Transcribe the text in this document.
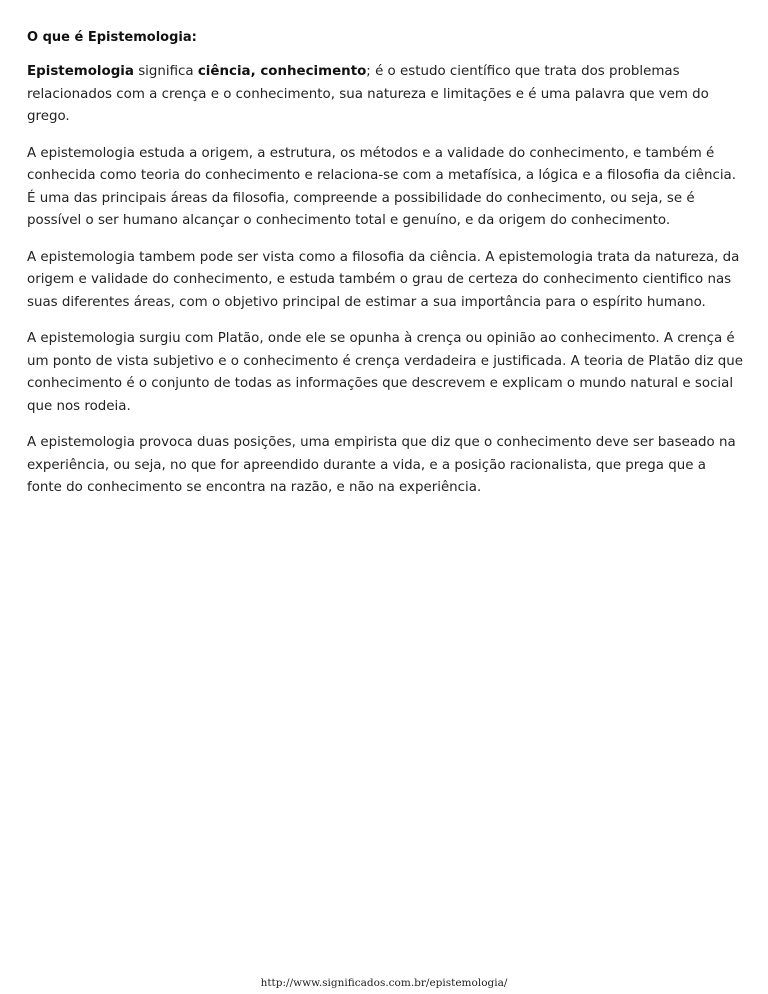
O que é Epistemologia:

Epistemologia significa ciência, conhecimento; é o estudo científico que trata dos problemas relacionados com a crença e o conhecimento, sua natureza e limitações e é uma palavra que vem do grego.

A epistemologia estuda a origem, a estrutura, os métodos e a validade do conhecimento, e também é conhecida como teoria do conhecimento e relaciona-se com a metafísica, a lógica e a filosofia da ciência. É uma das principais áreas da filosofia, compreende a possibilidade do conhecimento, ou seja, se é possível o ser humano alcançar o conhecimento total e genuíno, e da origem do conhecimento.

A epistemologia tambem pode ser vista como a filosofia da ciência. A epistemologia trata da natureza, da origem e validade do conhecimento, e estuda também o grau de certeza do conhecimento cientifico nas suas diferentes áreas, com o objetivo principal de estimar a sua importância para o espírito humano.

A epistemologia surgiu com Platão, onde ele se opunha à crença ou opinião ao conhecimento. A crença é um ponto de vista subjetivo e o conhecimento é crença verdadeira e justificada. A teoria de Platão diz que conhecimento é o conjunto de todas as informações que descrevem e explicam o mundo natural e social que nos rodeia.

A epistemologia provoca duas posições, uma empirista que diz que o conhecimento deve ser baseado na experiência, ou seja, no que for apreendido durante a vida, e a posição racionalista, que prega que a fonte do conhecimento se encontra na razão, e não na experiência.

http://www.significados.com.br/epistemologia/
